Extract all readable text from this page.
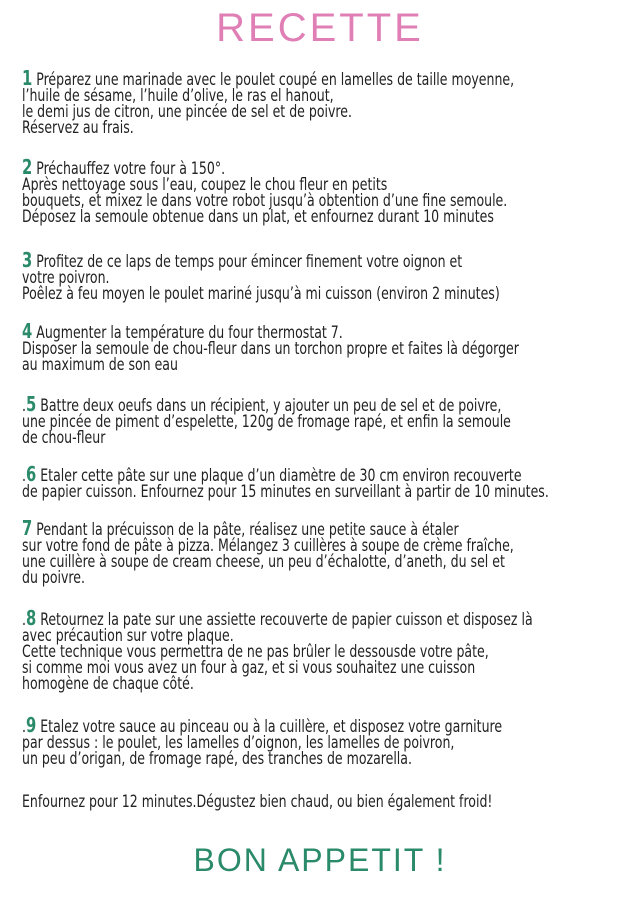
RECETTE
1 Préparez une marinade avec le poulet coupé en lamelles de taille moyenne,
l’huile de sésame, l’huile d’olive, le ras el hanout,
le demi jus de citron, une pincée de sel et de poivre.
Réservez au frais.
2 Préchauffez votre four à 150°.
Après nettoyage sous l’eau, coupez le chou fleur en petits
bouquets, et mixez le dans votre robot jusqu’à obtention d’une fine semoule.
Déposez la semoule obtenue dans un plat, et enfournez durant 10 minutes
3 Profitez de ce laps de temps pour émincer finement votre oignon et
votre poivron.
Poêlez à feu moyen le poulet mariné jusqu’à mi cuisson (environ 2 minutes)
4 Augmenter la température du four thermostat 7.
Disposer la semoule de chou-fleur dans un torchon propre et faites là dégorger
au maximum de son eau
.5 Battre deux oeufs dans un récipient, y ajouter un peu de sel et de poivre,
une pincée de piment d’espelette, 120g de fromage rapé, et enfin la semoule
de chou-fleur
.6 Etaler cette pâte sur une plaque d’un diamètre de 30 cm environ recouverte
de papier cuisson. Enfournez pour 15 minutes en surveillant à partir de 10 minutes.
7 Pendant la précuisson de la pâte, réalisez une petite sauce à étaler
sur votre fond de pâte à pizza. Mélangez 3 cuillères à soupe de crème fraîche,
une cuillère à soupe de cream cheese, un peu d’échalotte, d’aneth, du sel et
du poivre.
.8 Retournez la pate sur une assiette recouverte de papier cuisson et disposez là
avec précaution sur votre plaque.
Cette technique vous permettra de ne pas brûler le dessousde votre pâte,
si comme moi vous avez un four à gaz, et si vous souhaitez une cuisson
homogène de chaque côté.
.9 Etalez votre sauce au pinceau ou à la cuillère, et disposez votre garniture
par dessus : le poulet, les lamelles d’oignon, les lamelles de poivron,
un peu d’origan, de fromage rapé, des tranches de mozarella.
Enfournez pour 12 minutes.Dégustez bien chaud, ou bien également froid!
BON APPETIT !
